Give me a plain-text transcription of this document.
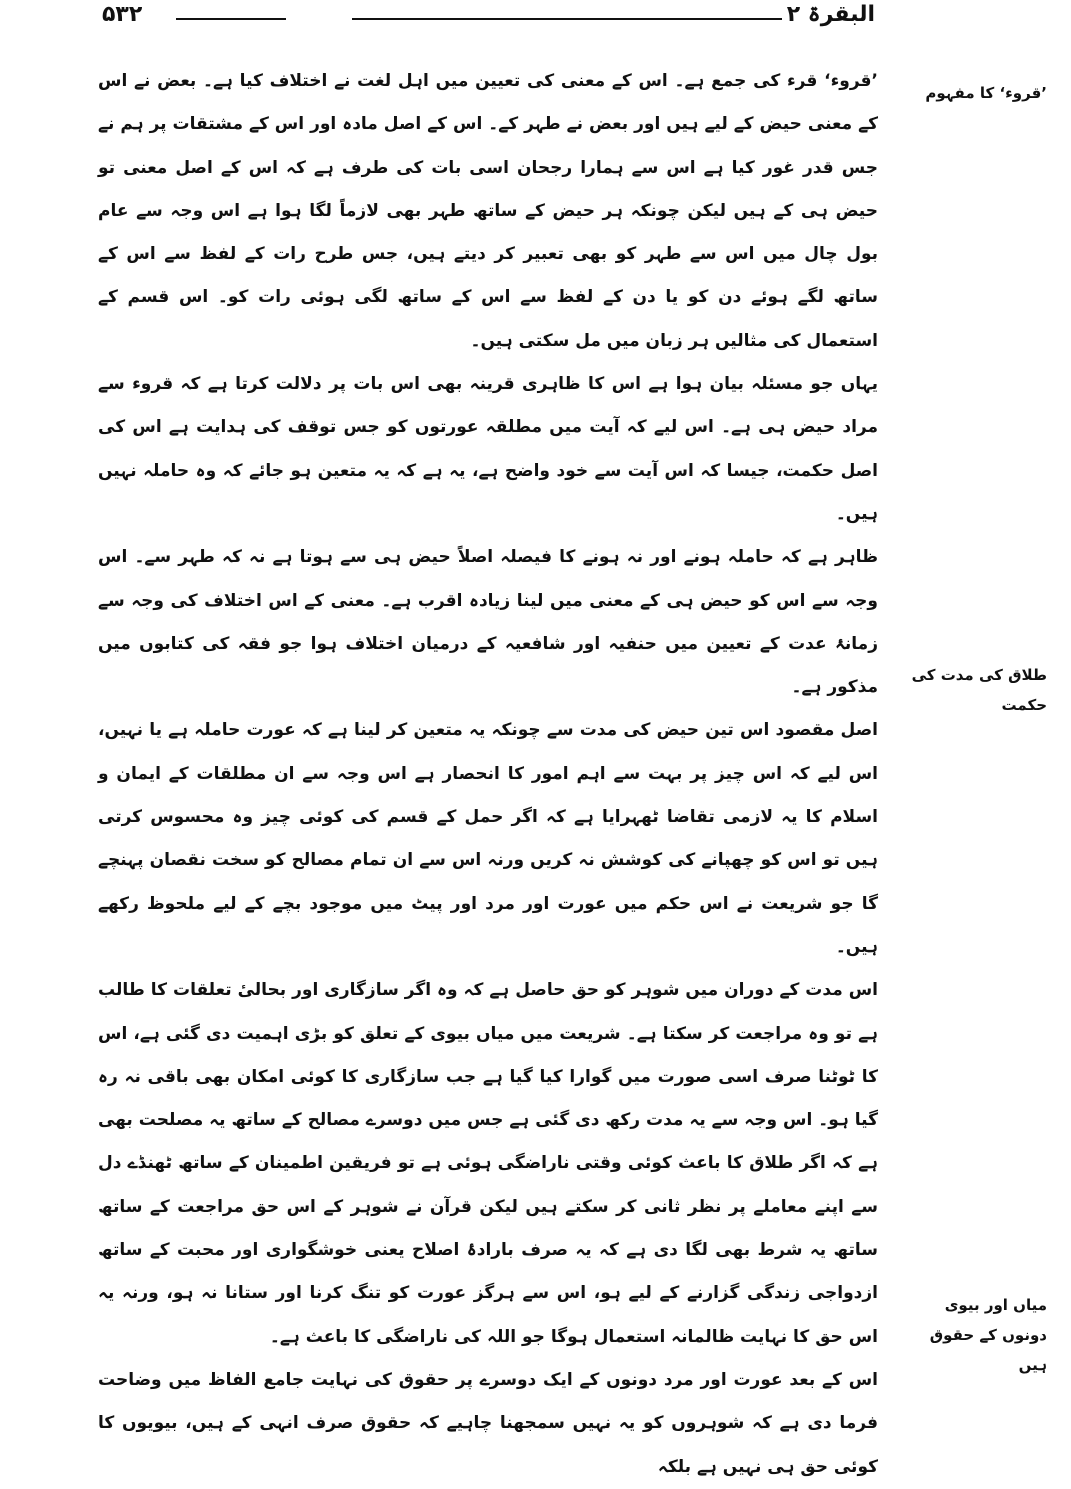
۵۳۲	البقرۃ ۲
’قروء‘ کا مفہوم
طلاق کی مدت کی حکمت
میاں اور بیوی دونوں کے حقوق ہیں

’قروء‘ قرء کی جمع ہے۔ اس کے معنی کی تعیین میں اہل لغت نے اختلاف کیا ہے۔ بعض نے اس کے معنی حیض کے لیے ہیں اور بعض نے طہر کے۔ اس کے اصل مادہ اور اس کے مشتقات پر ہم نے جس قدر غور کیا ہے اس سے ہمارا رجحان اسی بات کی طرف ہے کہ اس کے اصل معنی تو حیض ہی کے ہیں لیکن چونکہ ہر حیض کے ساتھ طہر بھی لازماً لگا ہوا ہے اس وجہ سے عام بول چال میں اس سے طہر کو بھی تعبیر کر دیتے ہیں، جس طرح رات کے لفظ سے اس کے ساتھ لگے ہوئے دن کو یا دن کے لفظ سے اس کے ساتھ لگی ہوئی رات کو۔ اس قسم کے استعمال کی مثالیں ہر زبان میں مل سکتی ہیں۔

یہاں جو مسئلہ بیان ہوا ہے اس کا ظاہری قرینہ بھی اس بات پر دلالت کرتا ہے کہ قروء سے مراد حیض ہی ہے۔ اس لیے کہ آیت میں مطلقہ عورتوں کو جس توقف کی ہدایت ہے اس کی اصل حکمت، جیسا کہ اس آیت سے خود واضح ہے، یہ ہے کہ یہ متعین ہو جائے کہ وہ حاملہ نہیں ہیں۔

ظاہر ہے کہ حاملہ ہونے اور نہ ہونے کا فیصلہ اصلاً حیض ہی سے ہوتا ہے نہ کہ طہر سے۔ اس وجہ سے اس کو حیض ہی کے معنی میں لینا زیادہ اقرب ہے۔ معنی کے اس اختلاف کی وجہ سے زمانۂ عدت کے تعیین میں حنفیہ اور شافعیہ کے درمیان اختلاف ہوا جو فقہ کی کتابوں میں مذکور ہے۔

اصل مقصود اس تین حیض کی مدت سے چونکہ یہ متعین کر لینا ہے کہ عورت حاملہ ہے یا نہیں، اس لیے کہ اس چیز پر بہت سے اہم امور کا انحصار ہے اس وجہ سے ان مطلقات کے ایمان و اسلام کا یہ لازمی تقاضا ٹھہرایا ہے کہ اگر حمل کے قسم کی کوئی چیز وہ محسوس کرتی ہیں تو اس کو چھپانے کی کوشش نہ کریں ورنہ اس سے ان تمام مصالح کو سخت نقصان پہنچے گا جو شریعت نے اس حکم میں عورت اور مرد اور پیٹ میں موجود بچے کے لیے ملحوظ رکھے ہیں۔

اس مدت کے دوران میں شوہر کو حق حاصل ہے کہ وہ اگر سازگاری اور بحالیٔ تعلقات کا طالب ہے تو وہ مراجعت کر سکتا ہے۔ شریعت میں میاں بیوی کے تعلق کو بڑی اہمیت دی گئی ہے، اس کا ٹوٹنا صرف اسی صورت میں گوارا کیا گیا ہے جب سازگاری کا کوئی امکان بھی باقی نہ رہ گیا ہو۔ اس وجہ سے یہ مدت رکھ دی گئی ہے جس میں دوسرے مصالح کے ساتھ یہ مصلحت بھی ہے کہ اگر طلاق کا باعث کوئی وقتی ناراضگی ہوئی ہے تو فریقین اطمینان کے ساتھ ٹھنڈے دل سے اپنے معاملے پر نظر ثانی کر سکتے ہیں لیکن قرآن نے شوہر کے اس حق مراجعت کے ساتھ ساتھ یہ شرط بھی لگا دی ہے کہ یہ صرف بارادۂ اصلاح یعنی خوشگواری اور محبت کے ساتھ ازدواجی زندگی گزارنے کے لیے ہو، اس سے ہرگز عورت کو تنگ کرنا اور ستانا نہ ہو، ورنہ یہ اس حق کا نہایت ظالمانہ استعمال ہوگا جو اللہ کی ناراضگی کا باعث ہے۔

اس کے بعد عورت اور مرد دونوں کے ایک دوسرے پر حقوق کی نہایت جامع الفاظ میں وضاحت فرما دی ہے کہ شوہروں کو یہ نہیں سمجھنا چاہیے کہ حقوق صرف انہی کے ہیں، بیویوں کا کوئی حق ہی نہیں ہے بلکہ
